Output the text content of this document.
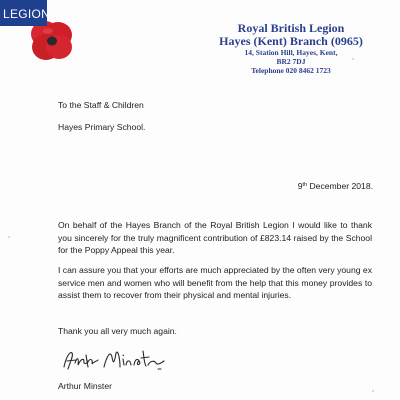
LEGION
Royal British Legion
Hayes (Kent) Branch (0965)
14, Station Hill, Hayes, Kent,
BR2 7DJ
Telephone 020 8462 1723
To the Staff & Children
Hayes Primary School.
9th December 2018.
On behalf of the Hayes Branch of the Royal British Legion I would like to thank you sincerely for the truly magnificent contribution of £823.14 raised by the School for the Poppy Appeal this year.
I can assure you that your efforts are much appreciated by the often very young ex service men and women who will benefit from the help that this money provides to assist them to recover from their physical and mental injuries.
Thank you all very much again.
Arthur Minster
